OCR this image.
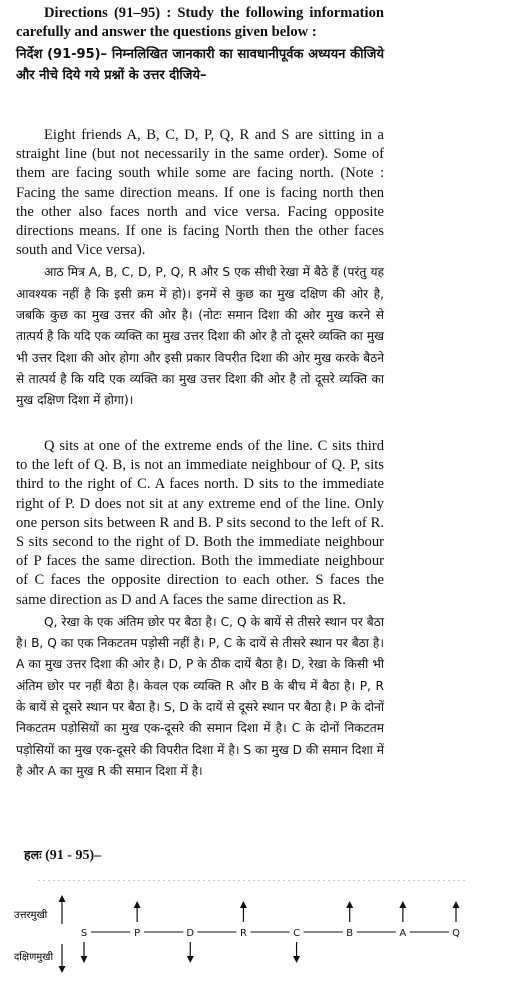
Directions (91–95) : Study the following information carefully and answer the questions given below :

निर्देश (91-95)– निम्नलिखित जानकारी का सावधानीपूर्वक अध्ययन कीजिये और नीचे दिये गये प्रश्नों के उत्तर दीजिये–

Eight friends A, B, C, D, P, Q, R and S are sitting in a straight line (but not necessarily in the same order). Some of them are facing south while some are facing north. (Note : Facing the same direction means. If one is facing north then the other also faces north and vice versa. Facing opposite directions means. If one is facing North then the other faces south and Vice versa).

आठ मित्र A, B, C, D, P, Q, R और S एक सीधी रेखा में बैठे हैं (परंतु यह आवश्यक नहीं है कि इसी क्रम में हो)। इनमें से कुछ का मुख दक्षिण की ओर है, जबकि कुछ का मुख उत्तर की ओर है। (नोटः समान दिशा की ओर मुख करने से तात्पर्य है कि यदि एक व्यक्ति का मुख उत्तर दिशा की ओर है तो दूसरे व्यक्ति का मुख भी उत्तर दिशा की ओर होगा और इसी प्रकार विपरीत दिशा की ओर मुख करके बैठने से तात्पर्य है कि यदि एक व्यक्ति का मुख उत्तर दिशा की ओर है तो दूसरे व्यक्ति का मुख दक्षिण दिशा में होगा)।

Q sits at one of the extreme ends of the line. C sits third to the left of Q. B, is not an immediate neighbour of Q. P, sits third to the right of C. A faces north. D sits to the immediate right of P. D does not sit at any extreme end of the line. Only one person sits between R and B. P sits second to the left of R. S sits second to the right of D. Both the immediate neighbour of P faces the same direction. Both the immediate neighbour of C faces the opposite direction to each other. S faces the same direction as D and A faces the same direction as R.

Q, रेखा के एक अंतिम छोर पर बैठा है। C, Q के बायें से तीसरे स्थान पर बैठा है। B, Q का एक निकटतम पड़ोसी नहीं है। P, C के दायें से तीसरे स्थान पर बैठा है। A का मुख उत्तर दिशा की ओर है। D, P के ठीक दायें बैठा है। D, रेखा के किसी भी अंतिम छोर पर नहीं बैठा है। केवल एक व्यक्ति R और B के बीच में बैठा है। P, R के बायें से दूसरे स्थान पर बैठा है। S, D के दायें से दूसरे स्थान पर बैठा है। P के दोनों निकटतम पड़ोसियों का मुख एक-दूसरे की समान दिशा में है। C के दोनों निकटतम पड़ोसियों का मुख एक-दूसरे की विपरीत दिशा में है। S का मुख D की समान दिशा में है और A का मुख R की समान दिशा में है।

हलः (91 - 95)–
उत्तरमुखी
दक्षिणमुखी
S	P	D	R	C	B	A	Q
